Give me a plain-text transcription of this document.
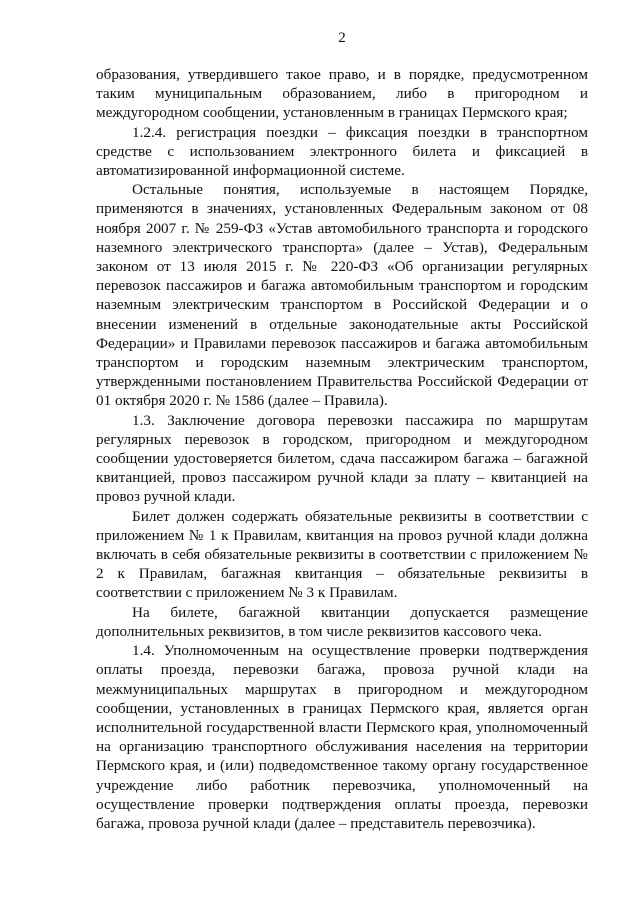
2

образования, утвердившего такое право, и в порядке, предусмотренном таким муниципальным образованием, либо в пригородном и междугородном сообщении, установленным в границах Пермского края;

1.2.4. регистрация поездки – фиксация поездки в транспортном средстве с использованием электронного билета и фиксацией в автоматизированной информационной системе.

Остальные понятия, используемые в настоящем Порядке, применяются в значениях, установленных Федеральным законом от 08 ноября 2007 г. № 259-ФЗ «Устав автомобильного транспорта и городского наземного электрического транспорта» (далее – Устав), Федеральным законом от 13 июля 2015 г. № 220-ФЗ «Об организации регулярных перевозок пассажиров и багажа автомобильным транспортом и городским наземным электрическим транспортом в Российской Федерации и о внесении изменений в отдельные законодательные акты Российской Федерации» и Правилами перевозок пассажиров и багажа автомобильным транспортом и городским наземным электрическим транспортом, утвержденными постановлением Правительства Российской Федерации от 01 октября 2020 г. № 1586 (далее – Правила).

1.3. Заключение договора перевозки пассажира по маршрутам регулярных перевозок в городском, пригородном и междугородном сообщении удостоверяется билетом, сдача пассажиром багажа – багажной квитанцией, провоз пассажиром ручной клади за плату – квитанцией на провоз ручной клади.

Билет должен содержать обязательные реквизиты в соответствии с приложением № 1 к Правилам, квитанция на провоз ручной клади должна включать в себя обязательные реквизиты в соответствии с приложением № 2 к Правилам, багажная квитанция – обязательные реквизиты в соответствии с приложением № 3 к Правилам.

На билете, багажной квитанции допускается размещение дополнительных реквизитов, в том числе реквизитов кассового чека.

1.4. Уполномоченным на осуществление проверки подтверждения оплаты проезда, перевозки багажа, провоза ручной клади на межмуниципальных маршрутах в пригородном и междугородном сообщении, установленных в границах Пермского края, является орган исполнительной государственной власти Пермского края, уполномоченный на организацию транспортного обслуживания населения на территории Пермского края, и (или) подведомственное такому органу государственное учреждение либо работник перевозчика, уполномоченный на осуществление проверки подтверждения оплаты проезда, перевозки багажа, провоза ручной клади (далее – представитель перевозчика).
